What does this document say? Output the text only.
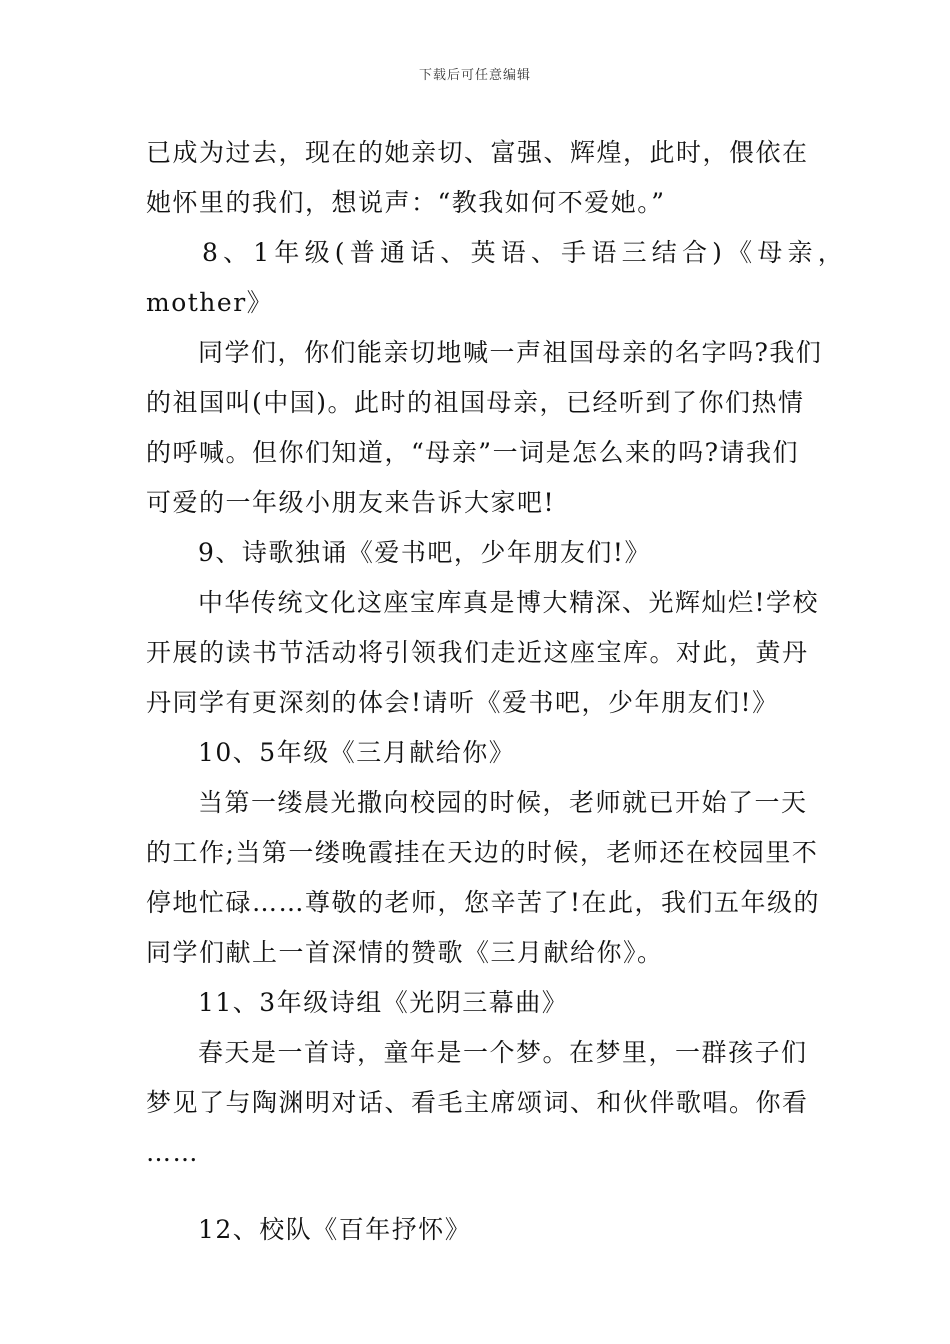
下载后可任意编辑
已成为过去，现在的她亲切、富强、辉煌，此时，偎依在
她怀里的我们，想说声：“教我如何不爱她。”
8、1年级(普通话、英语、手语三结合)《母亲，
mother》
同学们，你们能亲切地喊一声祖国母亲的名字吗?我们
的祖国叫(中国)。此时的祖国母亲，已经听到了你们热情
的呼喊。但你们知道，“母亲”一词是怎么来的吗?请我们
可爱的一年级小朋友来告诉大家吧!
9、诗歌独诵《爱书吧，少年朋友们!》
中华传统文化这座宝库真是博大精深、光辉灿烂!学校
开展的读书节活动将引领我们走近这座宝库。对此，黄丹
丹同学有更深刻的体会!请听《爱书吧，少年朋友们!》
10、5年级《三月献给你》
当第一缕晨光撒向校园的时候，老师就已开始了一天
的工作;当第一缕晚霞挂在天边的时候，老师还在校园里不
停地忙碌……尊敬的老师，您辛苦了!在此，我们五年级的
同学们献上一首深情的赞歌《三月献给你》。
11、3年级诗组《光阴三幕曲》
春天是一首诗，童年是一个梦。在梦里，一群孩子们
梦见了与陶渊明对话、看毛主席颂词、和伙伴歌唱。你看
……
12、校队《百年抒怀》
